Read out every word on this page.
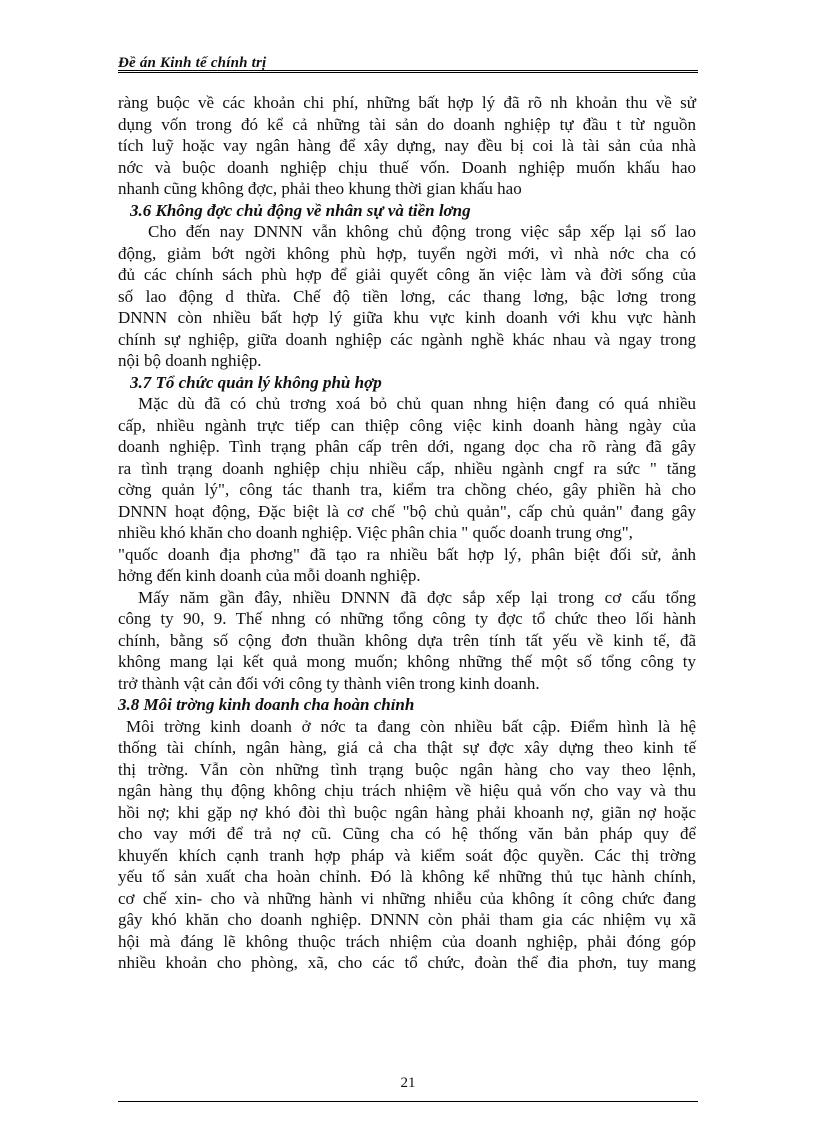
Đề án Kinh tế chính trị
ràng buộc về các khoản chi phí, những bất hợp lý đã rõ nh khoản thu về sử
dụng vốn trong đó kể cả những tài sản do doanh nghiệp tự đầu t từ nguồn
tích luỹ hoặc vay ngân hàng để xây dựng, nay đều bị coi là tài sản của nhà
nớc và buộc doanh nghiệp chịu thuế vốn. Doanh nghiệp muốn khấu hao
nhanh cũng không đợc, phải theo khung thời gian khấu hao
3.6 Không đợc chủ động về nhân sự và tiền lơng
Cho đến nay DNNN vẫn không chủ động trong việc sắp xếp lại số lao
động, giảm bớt ngời không phù hợp, tuyển ngời mới, vì nhà nớc cha có
đủ các chính sách phù hợp để giải quyết công ăn việc làm và đời sống của
số lao động d thừa. Chế độ tiền lơng, các thang lơng, bậc lơng trong
DNNN còn nhiều bất hợp lý giữa khu vực kinh doanh với khu vực hành
chính sự nghiệp, giữa doanh nghiệp các ngành nghề khác nhau và ngay trong
nội bộ doanh nghiệp.
3.7 Tổ chức quản lý không phù hợp
Mặc dù đã có chủ trơng xoá bỏ chủ quan nhng hiện đang có quá nhiều
cấp, nhiều ngành trực tiếp can thiệp công việc kinh doanh hàng ngày của
doanh nghiệp. Tình trạng phân cấp trên dới, ngang dọc cha rõ ràng đã gây
ra tình trạng doanh nghiệp chịu nhiều cấp, nhiều ngành cngf ra sức " tăng
cờng quản lý", công tác thanh tra, kiểm tra chồng chéo, gây phiền hà cho
DNNN hoạt động, Đặc biệt là cơ chế "bộ chủ quản", cấp chủ quản" đang gây
nhiều khó khăn cho doanh nghiệp. Việc phân chia " quốc doanh trung ơng",
"quốc doanh địa phơng" đã tạo ra nhiều bất hợp lý, phân biệt đối sử, ảnh
hởng đến kinh doanh của mỗi doanh nghiệp.
Mấy năm gần đây, nhiều DNNN đã đợc sắp xếp lại trong cơ cấu tổng
công ty 90, 9. Thế nhng có những tổng công ty đợc tổ chức theo lối hành
chính, bằng số cộng đơn thuần không dựa trên tính tất yếu về kinh tế, đã
không mang lại kết quả mong muốn; không những thế một số tổng công ty
trở thành vật cản đối với công ty thành viên trong kinh doanh.
3.8 Môi trờng kinh doanh cha hoàn chỉnh
Môi trờng kinh doanh ở nớc ta đang còn nhiều bất cập. Điểm hình là hệ
thống tài chính, ngân hàng, giá cả cha thật sự đợc xây dựng theo kinh tế
thị trờng. Vẫn còn những tình trạng buộc ngân hàng cho vay theo lệnh,
ngân hàng thụ động không chịu trách nhiệm về hiệu quả vốn cho vay và thu
hồi nợ; khi gặp nợ khó đòi thì buộc ngân hàng phải khoanh nợ, giãn nợ hoặc
cho vay mới để trả nợ cũ. Cũng cha có hệ thống văn bản pháp quy để
khuyến khích cạnh tranh hợp pháp và kiểm soát độc quyền. Các thị trờng
yếu tố sản xuất cha hoàn chỉnh. Đó là không kể những thủ tục hành chính,
cơ chế xin- cho và những hành vi những nhiễu của không ít công chức đang
gây khó khăn cho doanh nghiệp. DNNN còn phải tham gia các nhiệm vụ xã
hội mà đáng lẽ không thuộc trách nhiệm của doanh nghiệp, phải đóng góp
nhiều khoản cho phòng, xã, cho các tổ chức, đoàn thể đia phơn, tuy mang
21
